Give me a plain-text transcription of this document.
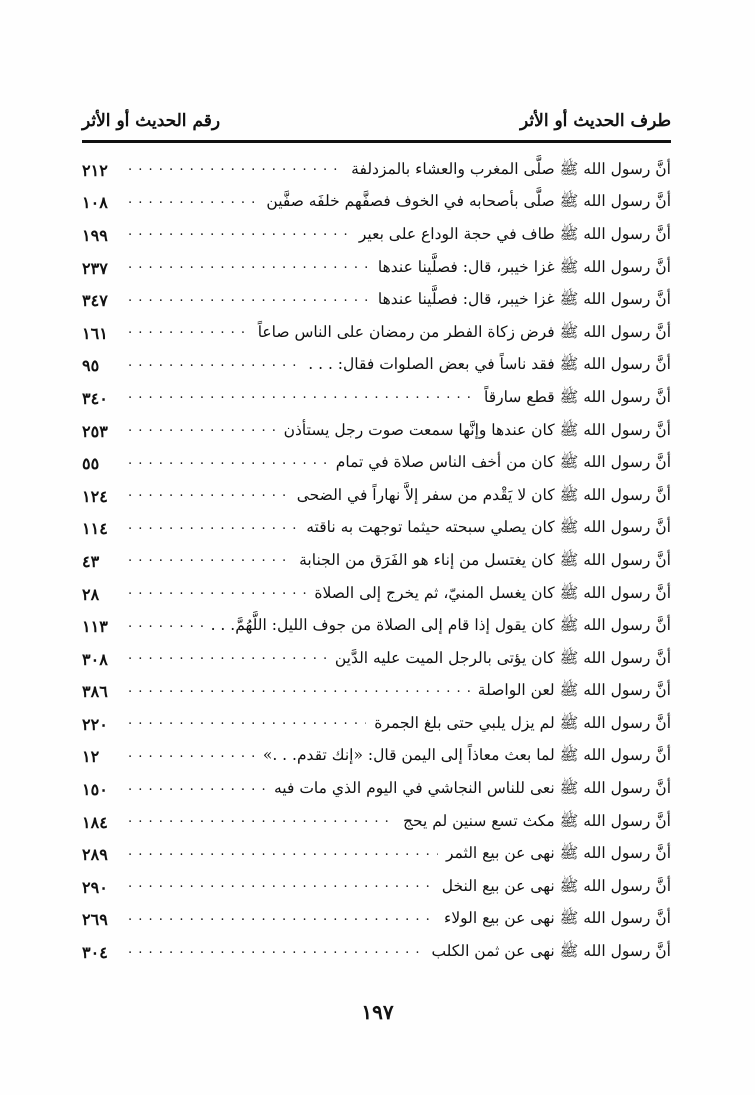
طرف الحديث أو الأثر
رقم الحديث أو الأثر
أنَّ رسول الله ﷺ صلَّى المغرب والعشاء بالمزدلفة
. . .
٢١٢
أنَّ رسول الله ﷺ صلَّى بأصحابه في الخوف فصفَّهم خلفَه صفَّين
. . .
١٠٨
أنَّ رسول الله ﷺ طاف في حجة الوداع على بعير
. . .
١٩٩
أنَّ رسول الله ﷺ غزا خيبر، قال: فصلَّينا عندها
. . .
٢٣٧
أنَّ رسول الله ﷺ غزا خيبر، قال: فصلَّينا عندها
. . .
٣٤٧
أنَّ رسول الله ﷺ فرض زكاة الفطر من رمضان على الناس صاعاً
. . .
١٦١
أنَّ رسول الله ﷺ فقد ناساً في بعض الصلوات فقال: . . .
. . .
٩٥
أنَّ رسول الله ﷺ قطع سارقاً
. . .
٣٤٠
أنَّ رسول الله ﷺ كان عندها وإنَّها سمعت صوت رجل يستأذن
. . .
٢٥٣
أنَّ رسول الله ﷺ كان من أخف الناس صلاة في تمام
. . .
٥٥
أنَّ رسول الله ﷺ كان لا يَقْدم من سفر إلاَّ نهاراً في الضحى
. . .
١٢٤
أنَّ رسول الله ﷺ كان يصلي سبحته حيثما توجهت به ناقته
. . .
١١٤
أنَّ رسول الله ﷺ كان يغتسل من إناء هو الفَرَق من الجنابة
. . .
٤٣
أنَّ رسول الله ﷺ كان يغسل المنيّ، ثم يخرج إلى الصلاة
. . .
٢٨
أنَّ رسول الله ﷺ كان يقول إذا قام إلى الصلاة من جوف الليل: اللَّهُمَّ. . .
. . .
١١٣
أنَّ رسول الله ﷺ كان يؤتى بالرجل الميت عليه الدَّين
. . .
٣٠٨
أنَّ رسول الله ﷺ لعن الواصلة
. . .
٣٨٦
أنَّ رسول الله ﷺ لم يزل يلبي حتى بلغ الجمرة
. . .
٢٢٠
أنَّ رسول الله ﷺ لما بعث معاذاً إلى اليمن قال: «إنك تقدم. . .»
. . .
١٢
أنَّ رسول الله ﷺ نعى للناس النجاشي في اليوم الذي مات فيه
. . .
١٥٠
أنَّ رسول الله ﷺ مكث تسع سنين لم يحج
. . .
١٨٤
أنَّ رسول الله ﷺ نهى عن بيع الثمر
. . .
٢٨٩
أنَّ رسول الله ﷺ نهى عن بيع النخل
. . .
٢٩٠
أنَّ رسول الله ﷺ نهى عن بيع الولاء
. . .
٢٦٩
أنَّ رسول الله ﷺ نهى عن ثمن الكلب
. . .
٣٠٤
١٩٧
